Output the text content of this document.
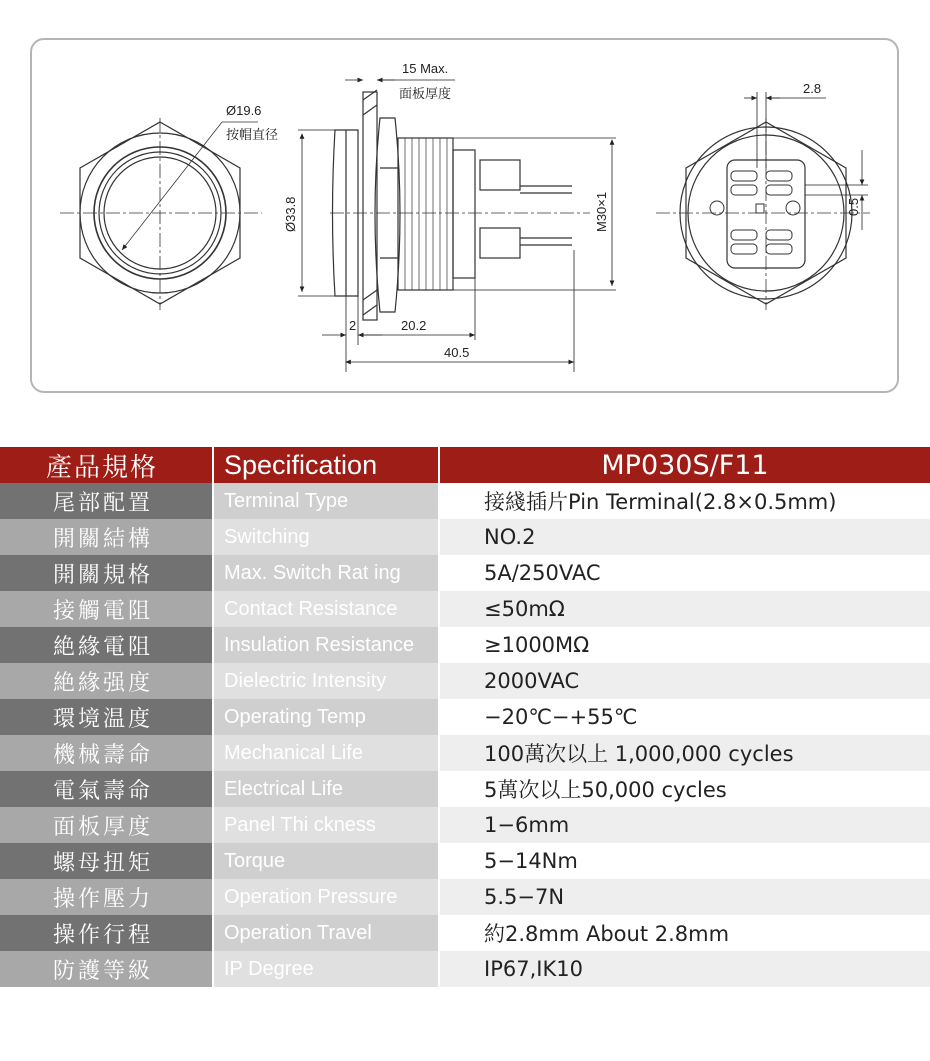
Ø19.6
按帽直径
15 Max.
面板厚度
Ø33.8	M30×1
2	20.2
40.5
2.8
0.5
產品規格	Specification	MP030S/F11
尾部配置	Terminal Type	接綫插片Pin Terminal(2.8×0.5mm)
開關結構	Switching	NO.2
開關規格	Max. Switch Rat ing	5A/250VAC
接觸電阻	Contact Resistance	≤50mΩ
絶緣電阻	Insulation Resistance	≥1000MΩ
絶緣强度	Dielectric Intensity	2000VAC
環境温度	Operating Temp	−20℃−+55℃
機械壽命	Mechanical Life	100萬次以上 1,000,000 cycles
電氣壽命	Electrical Life	5萬次以上50,000 cycles
面板厚度	Panel Thi ckness	1−6mm
螺母扭矩	Torque	5−14Nm
操作壓力	Operation Pressure	5.5−7N
操作行程	Operation Travel	約2.8mm About 2.8mm
防護等級	IP Degree	IP67,IK10
